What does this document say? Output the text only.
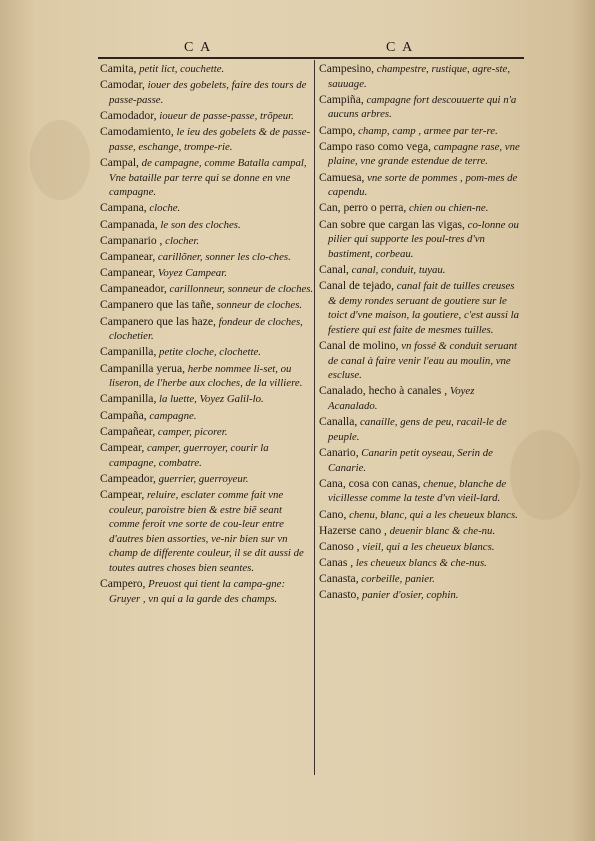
C A	C A
Camita, petit lict, couchette.
Camodar, iouer des gobelets, faire des tours de passe-passe.
Camodador, ioueur de passe-passe, trõpeur.
Camodamiento, le ieu des gobelets & de passe-passe, eschange, trompe-rie.
Campal, de campagne, comme Batalla campal, Vne bataille par terre qui se donne en vne campagne.
Campana, cloche.
Campanada, le son des cloches.
Campanario , clocher.
Campanear, carillõner, sonner les clo-ches.
Campanear, Voyez Campear.
Campaneador, carillonneur, sonneur de cloches.
Campanero que las tañe, sonneur de cloches.
Campanero que las haze, fondeur de cloches, clochetier.
Campanilla, petite cloche, clochette.
Campanilla yerua, herbe nommee li-set, ou liseron, de l'herbe aux cloches, de la villiere.
Campanilla, la luette, Voyez Galil-lo.
Campaña, campagne.
Campañear, camper, picorer.
Campear, camper, guerroyer, courir la campagne, combatre.
Campeador, guerrier, guerroyeur.
Campear, reluire, esclater comme fait vne couleur, paroistre bien & estre biẽ seant comme feroit vne sorte de cou-leur entre d'autres bien assorties, ve-nir bien sur vn champ de differente couleur, il se dit aussi de toutes autres choses bien seantes.
Campero, Preuost qui tient la campa-gne: Gruyer , vn qui a la garde des champs.
Campesino, champestre, rustique, agre-ste, sauuage.
Campiña, campagne fort descouuerte qui n'a aucuns arbres.
Campo, champ, camp , armee par ter-re.
Campo raso como vega, campagne rase, vne plaine, vne grande estendue de terre.
Camuesa, vne sorte de pommes , pom-mes de capendu.
Can, perro o perra, chien ou chien-ne.
Can sobre que cargan las vigas, co-lonne ou pilier qui supporte les poul-tres d'vn bastiment, corbeau.
Canal, canal, conduit, tuyau.
Canal de tejado, canal fait de tuilles creuses & demy rondes seruant de goutiere sur le toict d'vne maison, la goutiere, c'est aussi la festiere qui est faite de mesmes tuilles.
Canal de molino, vn fossé & conduit seruant de canal à faire venir l'eau au moulin, vne escluse.
Canalado, hecho à canales , Voyez Acanalado.
Canalla, canaille, gens de peu, racail-le de peuple.
Canario, Canarin petit oyseau, Serin de Canarie.
Cana, cosa con canas, chenue, blanche de vicillesse comme la teste d'vn vieil-lard.
Cano, chenu, blanc, qui a les cheueux blancs.
Hazerse cano , deuenir blanc & che-nu.
Canoso , vieil, qui a les cheueux blancs.
Canas , les cheueux blancs & che-nus.
Canasta, corbeille, panier.
Canasto, panier d'osier, cophin.
